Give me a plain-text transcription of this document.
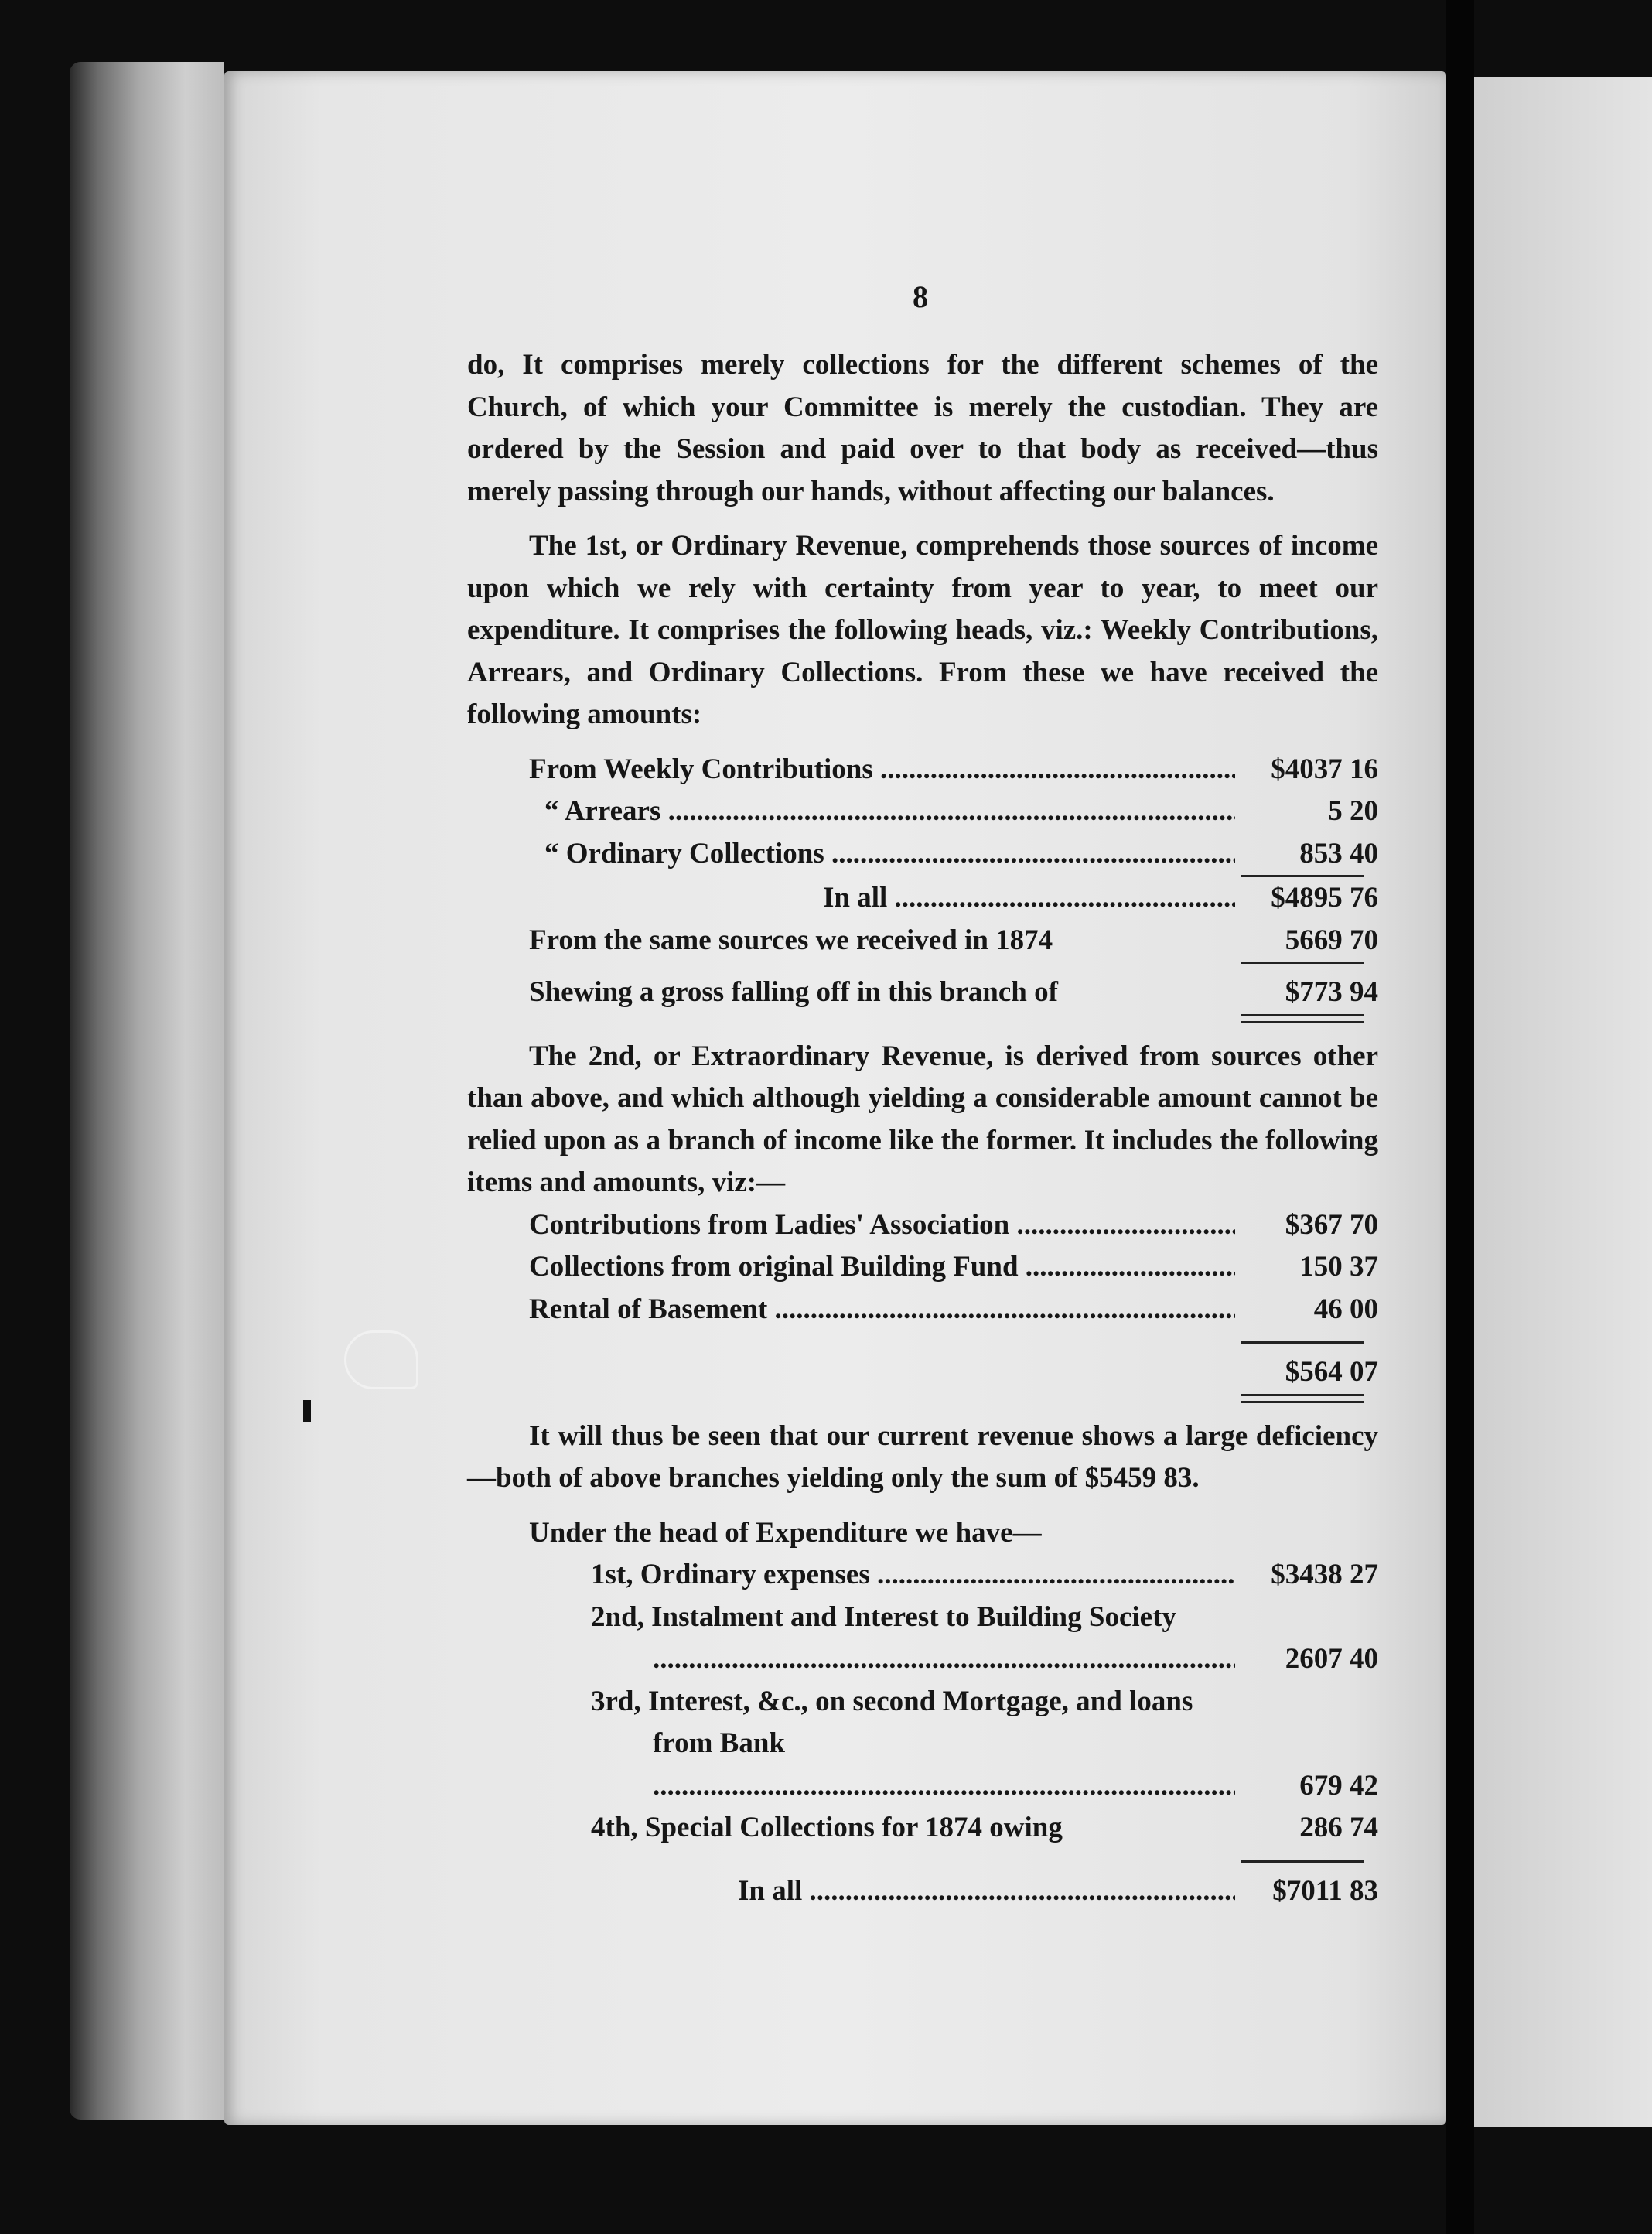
8

do, It comprises merely collections for the different schemes of the Church, of which your Committee is merely the custodian. They are ordered by the Session and paid over to that body as received—thus merely passing through our hands, without affecting our balances.

The 1st, or Ordinary Revenue, comprehends those sources of income upon which we rely with certainty from year to year, to meet our expenditure. It comprises the following heads, viz.: Weekly Contributions, Arrears, and Ordinary Collections. From these we have received the following amounts:

From Weekly Contributions .....	$4037 16
“ Arrears .....	5 20
“ Ordinary Collections .....	853 40
In all .....	$4895 76
From the same sources we received in 1874	5669 70
Shewing a gross falling off in this branch of	$773 94

The 2nd, or Extraordinary Revenue, is derived from sources other than above, and which although yielding a considerable amount cannot be relied upon as a branch of income like the former. It includes the following items and amounts, viz:—

Contributions from Ladies' Association .....	$367 70
Collections from original Building Fund .....	150 37
Rental of Basement .....	46 00
$564 07

It will thus be seen that our current revenue shows a large deficiency—both of above branches yielding only the sum of $5459 83.

Under the head of Expenditure we have—

1st, Ordinary expenses .....	$3438 27
2nd, Instalment and Interest to Building Society .....
2607 40
3rd, Interest, &c., on second Mortgage, and loans from Bank .....
679 42
4th, Special Collections for 1874 owing	286 74
In all .....	$7011 83
